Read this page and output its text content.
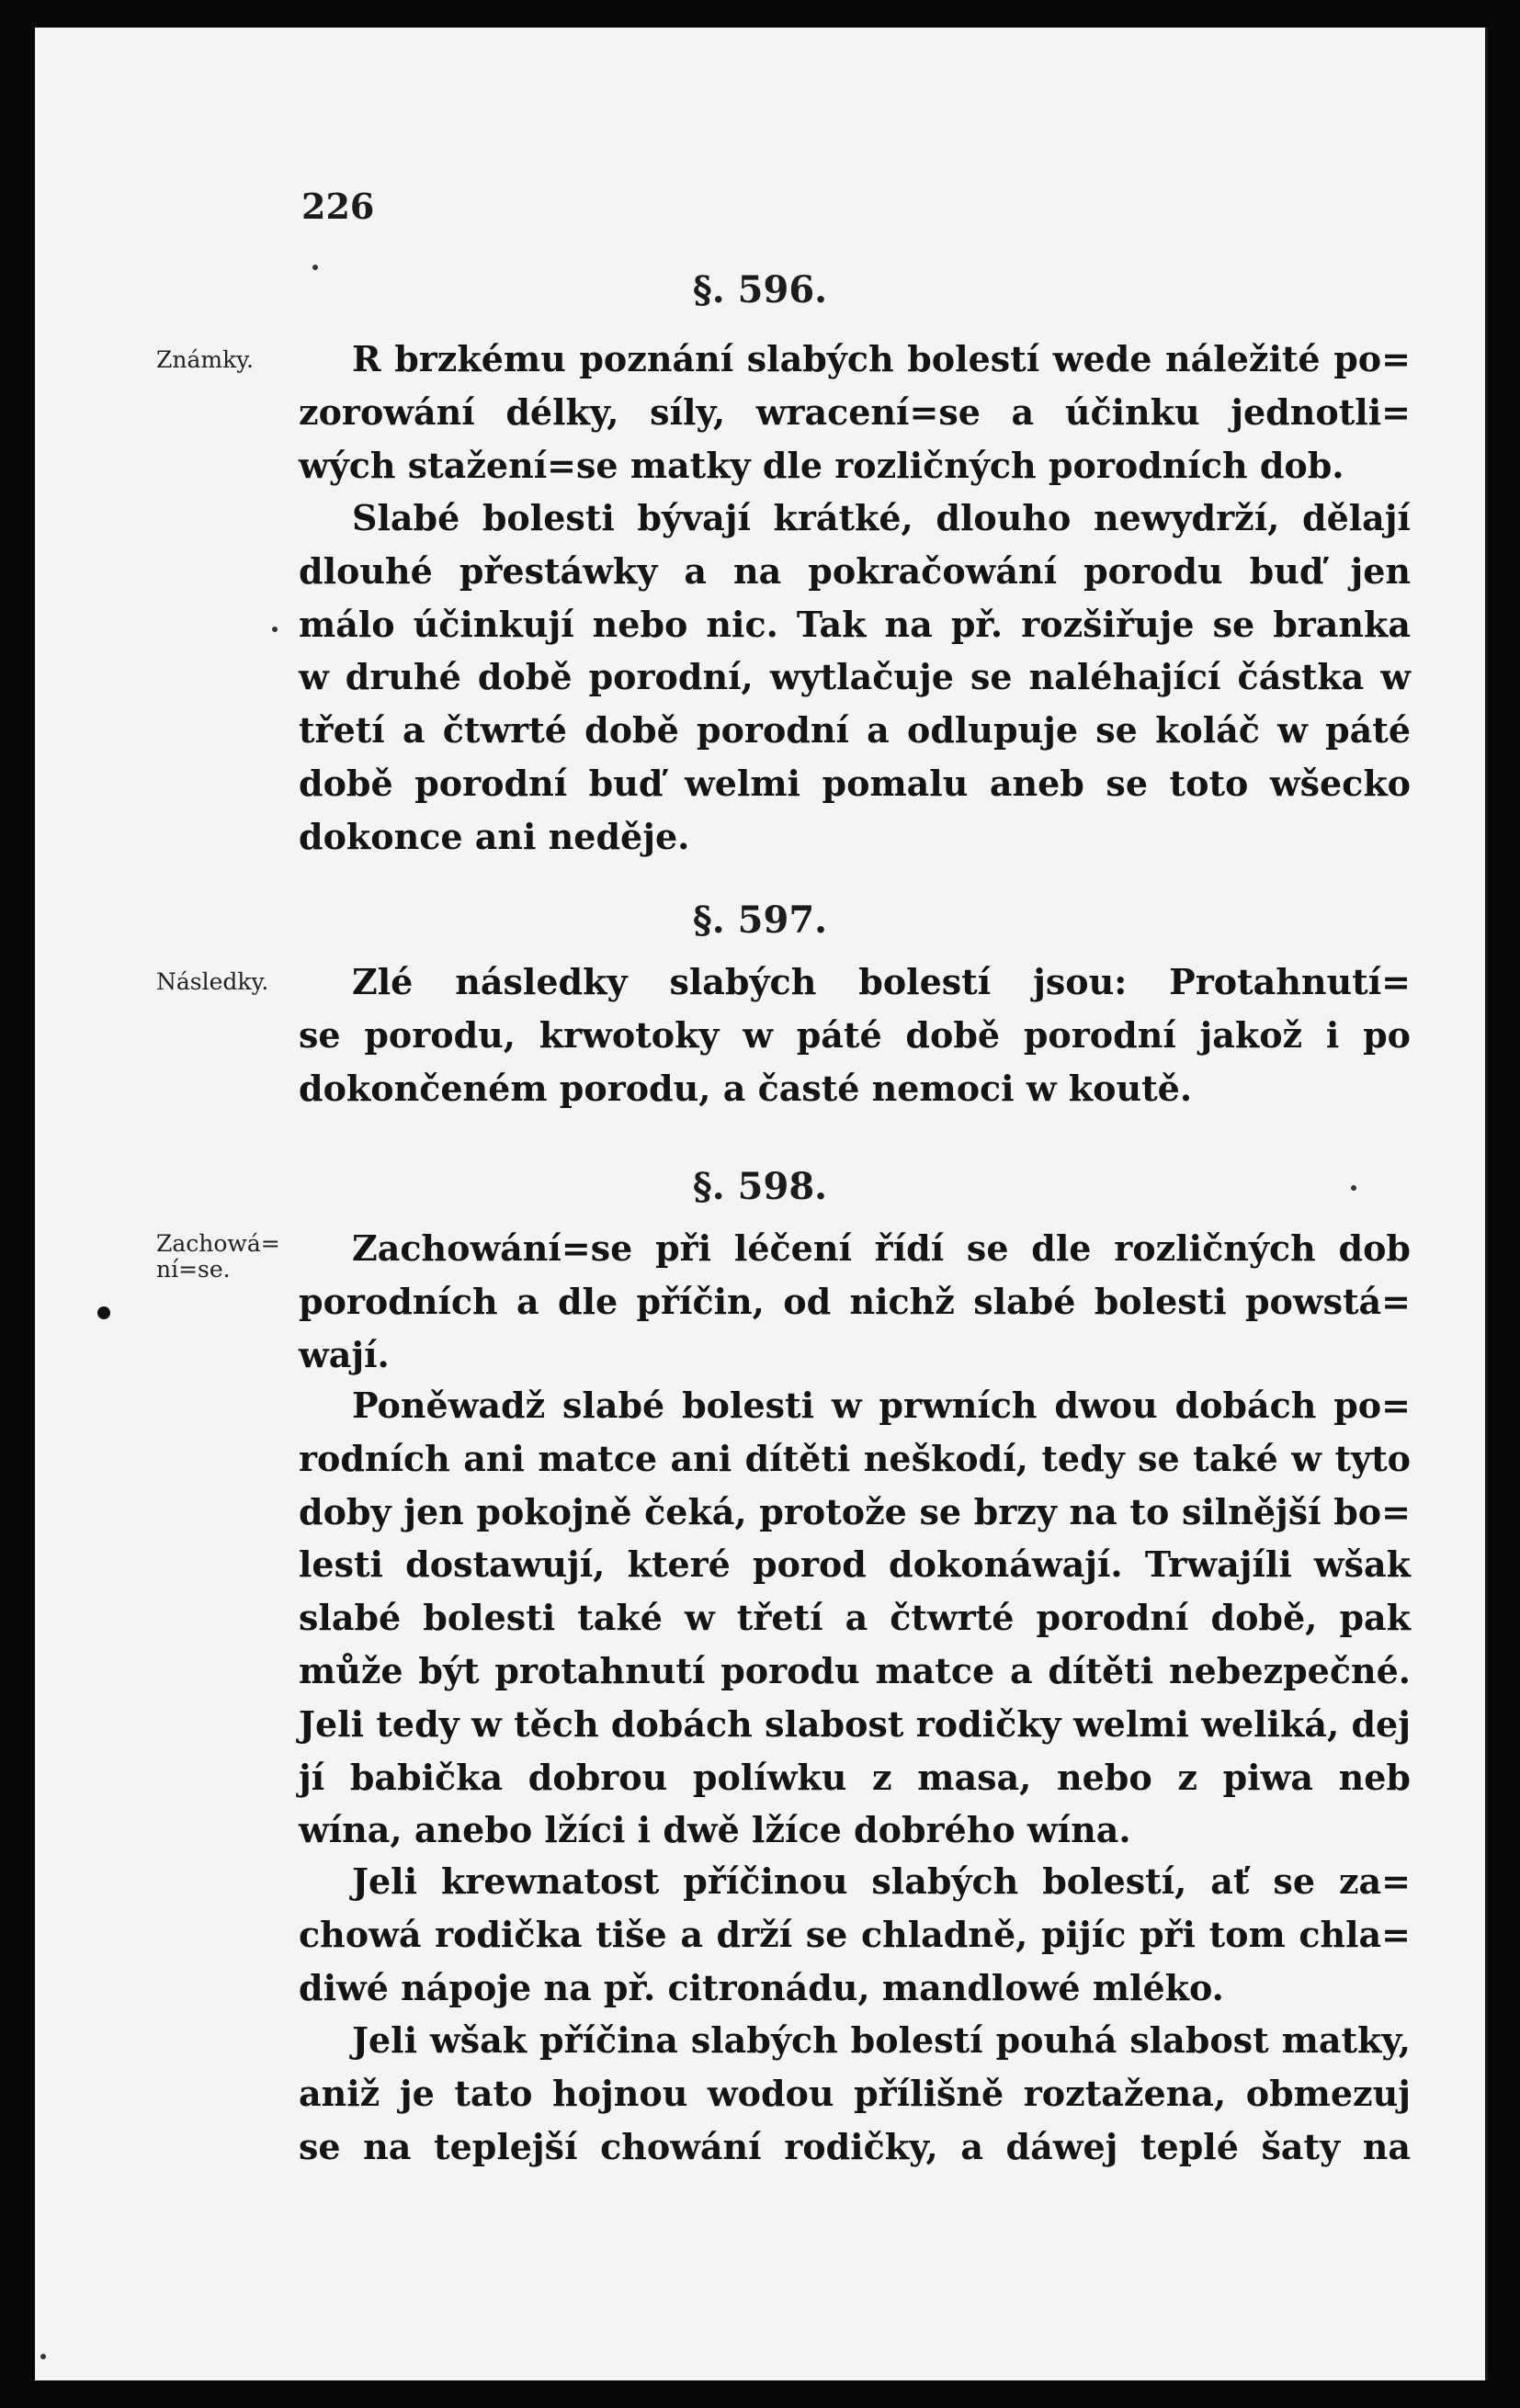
226
§. 596.
Známky.	R brzkému poznání slabých bolestí wede náležité po=
zorowání délky, síly, wracení=se a účinku jednotli=
wých stažení=se matky dle rozličných porodních dob.
Slabé bolesti bývají krátké, dlouho newydrží, dělají
dlouhé přestáwky a na pokračowání porodu buď jen
málo účinkují nebo nic. Tak na př. rozšiřuje se branka
w druhé době porodní, wytlačuje se naléhající částka w
třetí a čtwrté době porodní a odlupuje se koláč w páté
době porodní buď welmi pomalu aneb se toto wšecko
dokonce ani neděje.
§. 597.
Následky.	Zlé následky slabých bolestí jsou: Protahnutí=
se porodu, krwotoky w páté době porodní jakož i po
dokončeném porodu, a časté nemoci w koutě.
§. 598.
Zachowá=
ní=se.
Zachowání=se při léčení řídí se dle rozličných dob
porodních a dle příčin, od nichž slabé bolesti powstá=
wají.
Poněwadž slabé bolesti w prwních dwou dobách po=
rodních ani matce ani dítěti neškodí, tedy se také w tyto
doby jen pokojně čeká, protože se brzy na to silnější bo=
lesti dostawují, které porod dokonáwají. Trwajíli wšak
slabé bolesti také w třetí a čtwrté porodní době, pak
může být protahnutí porodu matce a dítěti nebezpečné.
Jeli tedy w těch dobách slabost rodičky welmi weliká, dej
jí babička dobrou políwku z masa, nebo z piwa neb
wína, anebo lžíci i dwě lžíce dobrého wína.
Jeli krewnatost příčinou slabých bolestí, ať se za=
chowá rodička tiše a drží se chladně, pijíc při tom chla=
diwé nápoje na př. citronádu, mandlowé mléko.
Jeli wšak příčina slabých bolestí pouhá slabost matky,
aniž je tato hojnou wodou přílišně roztažena, obmezuj
se na teplejší chowání rodičky, a dáwej teplé šaty na
